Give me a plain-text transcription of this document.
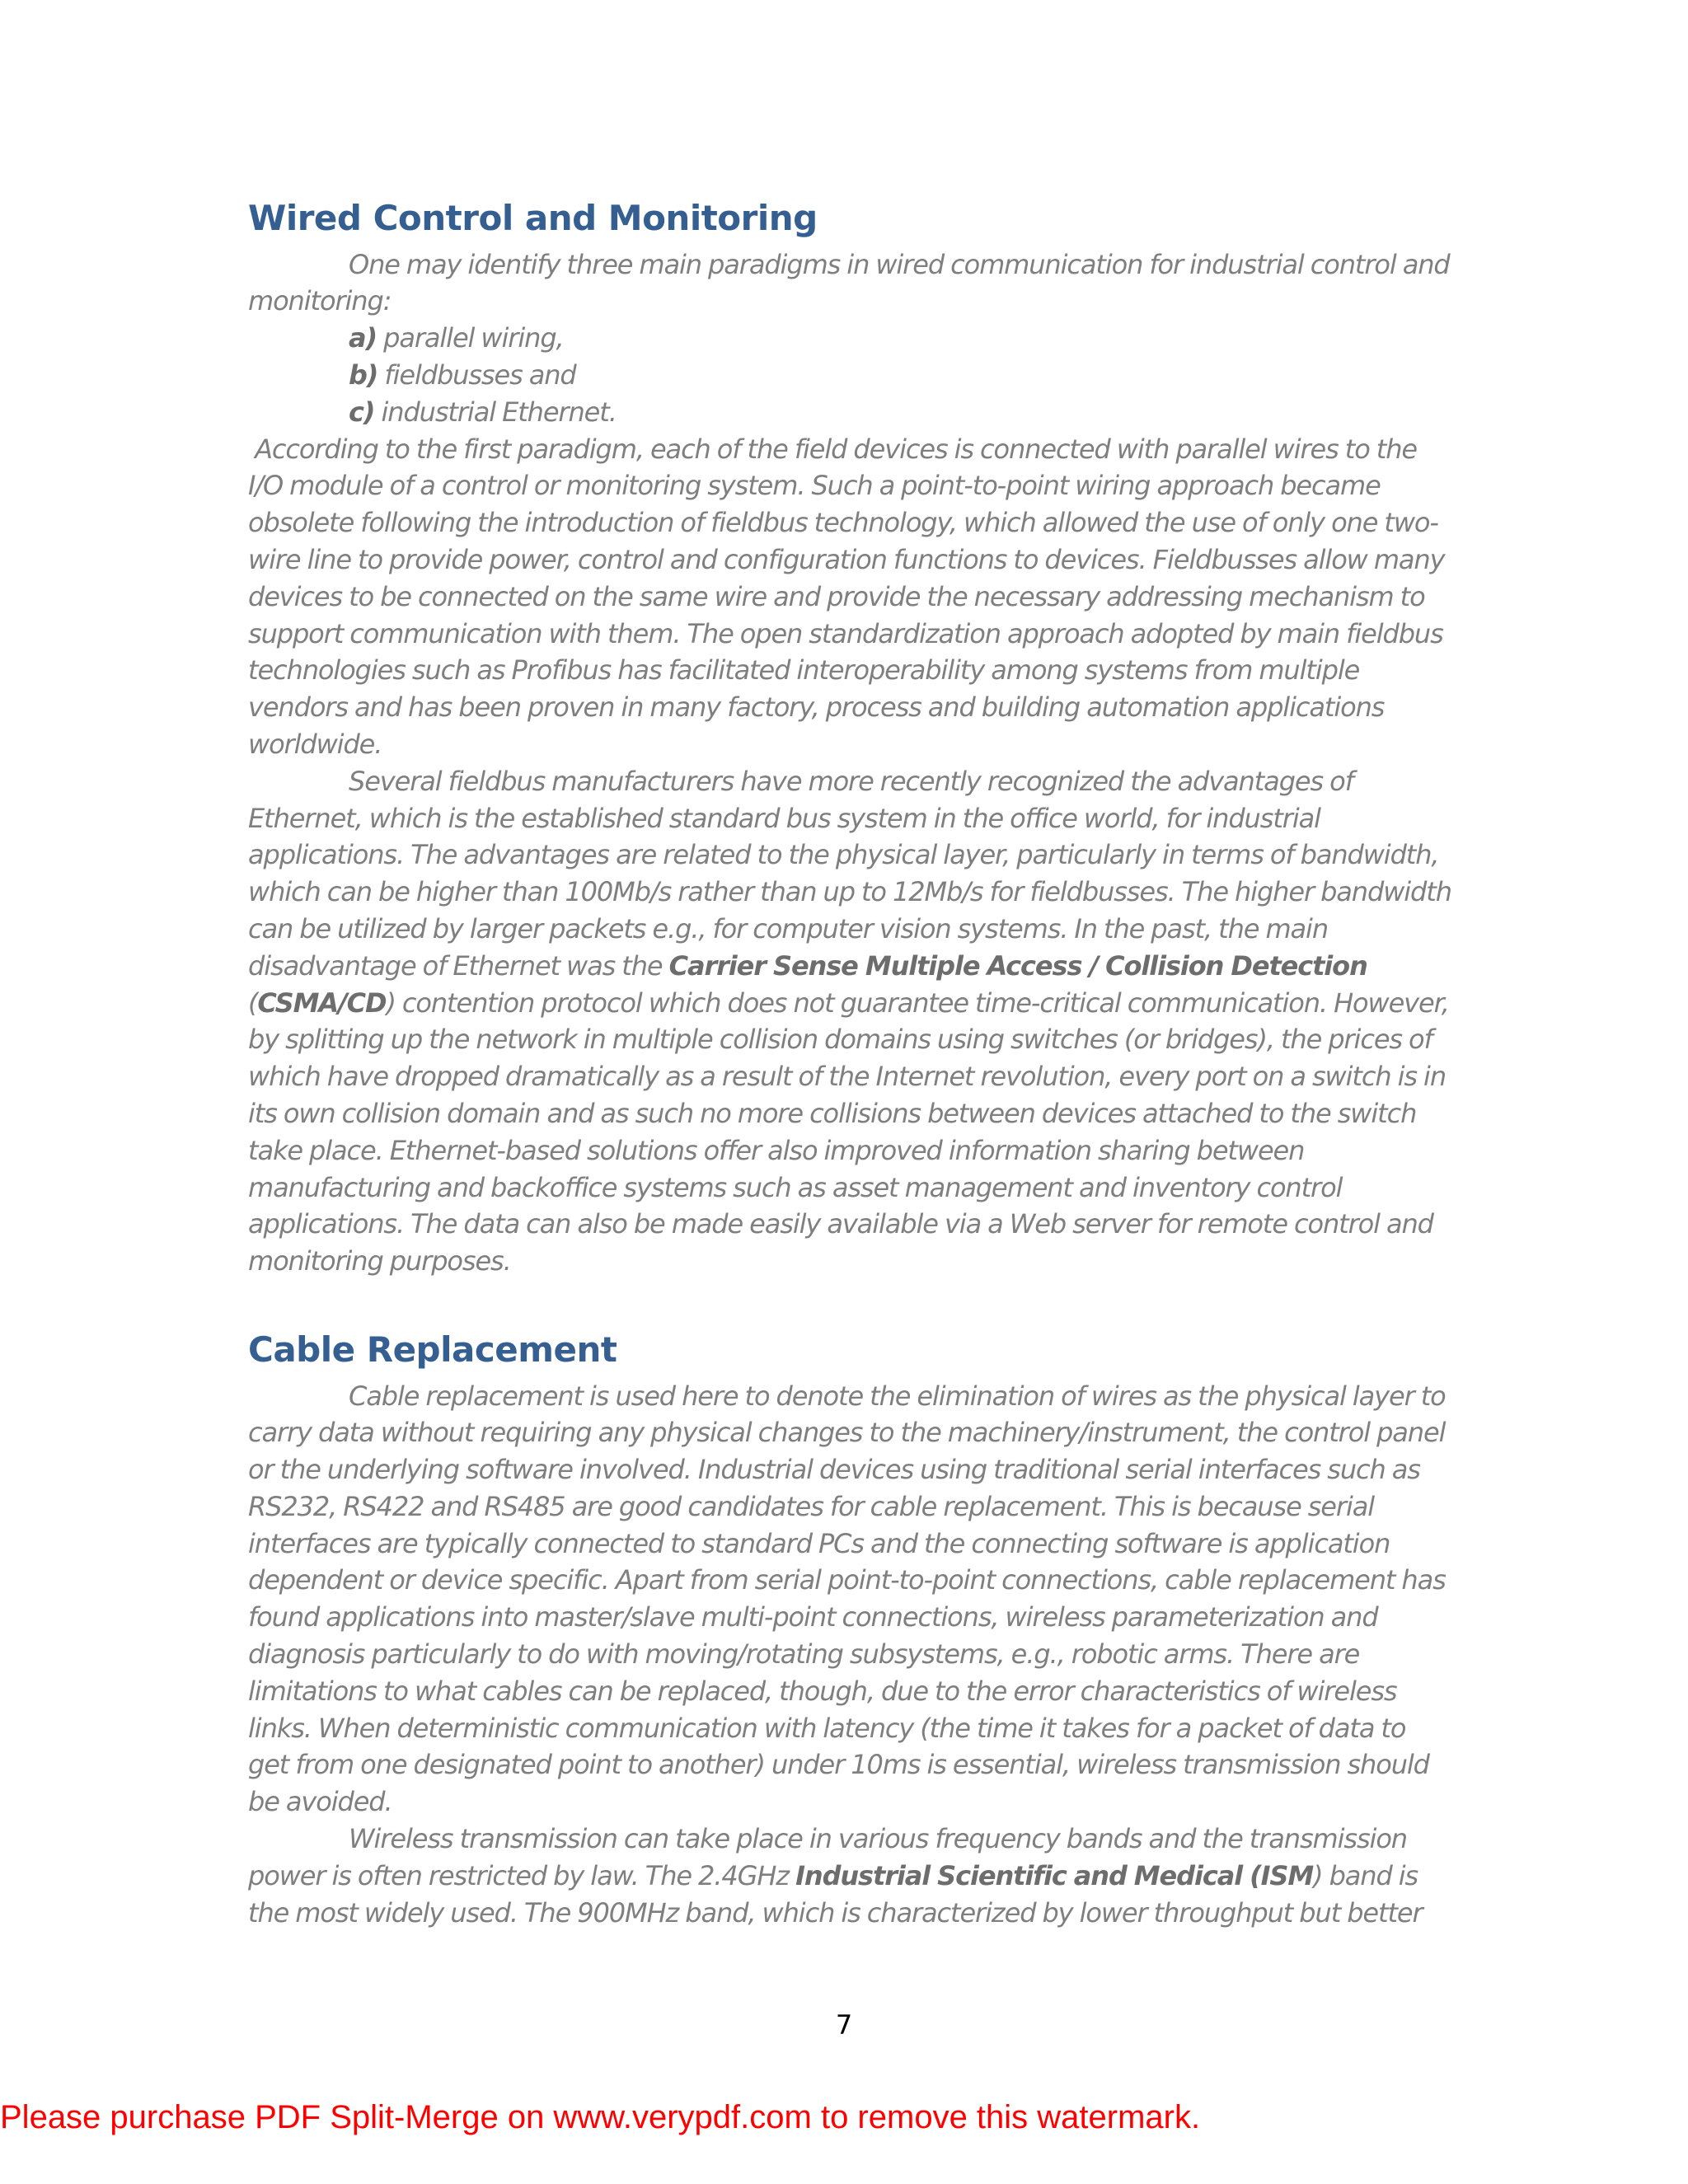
Wired Control and Monitoring

One may identify three main paradigms in wired communication for industrial control and monitoring:

a) parallel wiring,
b) fieldbusses and
c) industrial Ethernet.

According to the first paradigm, each of the field devices is connected with parallel wires to the I/O module of a control or monitoring system. Such a point-to-point wiring approach became obsolete following the introduction of fieldbus technology, which allowed the use of only one two-wire line to provide power, control and configuration functions to devices. Fieldbusses allow many devices to be connected on the same wire and provide the necessary addressing mechanism to support communication with them. The open standardization approach adopted by main fieldbus technologies such as Profibus has facilitated interoperability among systems from multiple vendors and has been proven in many factory, process and building automation applications worldwide.

Several fieldbus manufacturers have more recently recognized the advantages of Ethernet, which is the established standard bus system in the office world, for industrial applications. The advantages are related to the physical layer, particularly in terms of bandwidth, which can be higher than 100Mb/s rather than up to 12Mb/s for fieldbusses. The higher bandwidth can be utilized by larger packets e.g., for computer vision systems. In the past, the main disadvantage of Ethernet was the Carrier Sense Multiple Access / Collision Detection (CSMA/CD) contention protocol which does not guarantee time-critical communication. However, by splitting up the network in multiple collision domains using switches (or bridges), the prices of which have dropped dramatically as a result of the Internet revolution, every port on a switch is in its own collision domain and as such no more collisions between devices attached to the switch take place. Ethernet-based solutions offer also improved information sharing between manufacturing and backoffice systems such as asset management and inventory control applications. The data can also be made easily available via a Web server for remote control and monitoring purposes.

Cable Replacement

Cable replacement is used here to denote the elimination of wires as the physical layer to carry data without requiring any physical changes to the machinery/instrument, the control panel or the underlying software involved. Industrial devices using traditional serial interfaces such as RS232, RS422 and RS485 are good candidates for cable replacement. This is because serial interfaces are typically connected to standard PCs and the connecting software is application dependent or device specific. Apart from serial point-to-point connections, cable replacement has found applications into master/slave multi-point connections, wireless parameterization and diagnosis particularly to do with moving/rotating subsystems, e.g., robotic arms. There are limitations to what cables can be replaced, though, due to the error characteristics of wireless links. When deterministic communication with latency (the time it takes for a packet of data to get from one designated point to another) under 10ms is essential, wireless transmission should be avoided.

Wireless transmission can take place in various frequency bands and the transmission power is often restricted by law. The 2.4GHz Industrial Scientific and Medical (ISM) band is the most widely used. The 900MHz band, which is characterized by lower throughput but better

7
Please purchase PDF Split-Merge on www.verypdf.com to remove this watermark.
